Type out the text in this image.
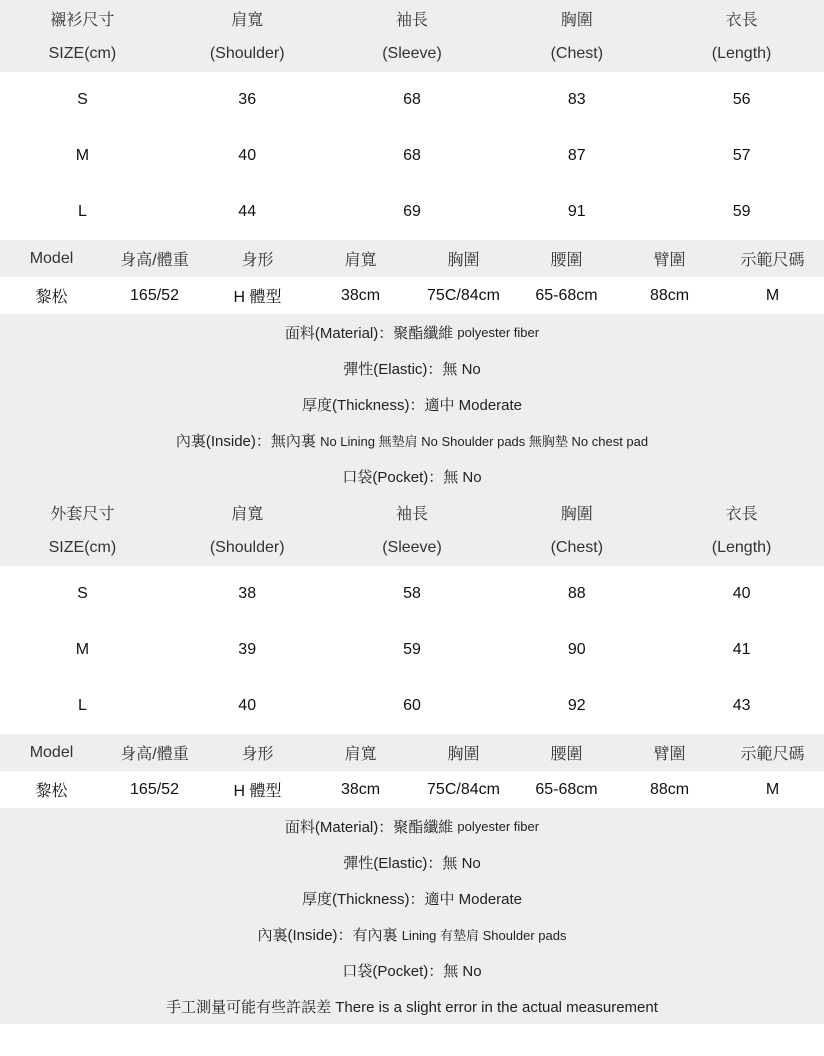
襯衫尺寸	肩寬	袖長	胸圍	衣長
SIZE(cm)	(Shoulder)	(Sleeve)	(Chest)	(Length)
S	36	68	83	56
M	40	68	87	57
L	44	69	91	59
Model	身高/體重	身形	肩寬	胸圍	腰圍	臂圍	示範尺碼
黎松	165/52	H 體型	38cm	75C/84cm	65-68cm	88cm	M
面料(Material)：聚酯纖維 polyester fiber
彈性(Elastic)：無 No
厚度(Thickness)：適中 Moderate
內裏(Inside)：無內裏 No Lining 無墊肩 No Shoulder pads 無胸墊 No chest pad
口袋(Pocket)：無 No
外套尺寸	肩寬	袖長	胸圍	衣長
SIZE(cm)	(Shoulder)	(Sleeve)	(Chest)	(Length)
S	38	58	88	40
M	39	59	90	41
L	40	60	92	43
Model	身高/體重	身形	肩寬	胸圍	腰圍	臂圍	示範尺碼
黎松	165/52	H 體型	38cm	75C/84cm	65-68cm	88cm	M
面料(Material)：聚酯纖維 polyester fiber
彈性(Elastic)：無 No
厚度(Thickness)：適中 Moderate
內裏(Inside)：有內裏 Lining 有墊肩 Shoulder pads
口袋(Pocket)：無 No
手工測量可能有些許誤差 There is a slight error in the actual measurement
